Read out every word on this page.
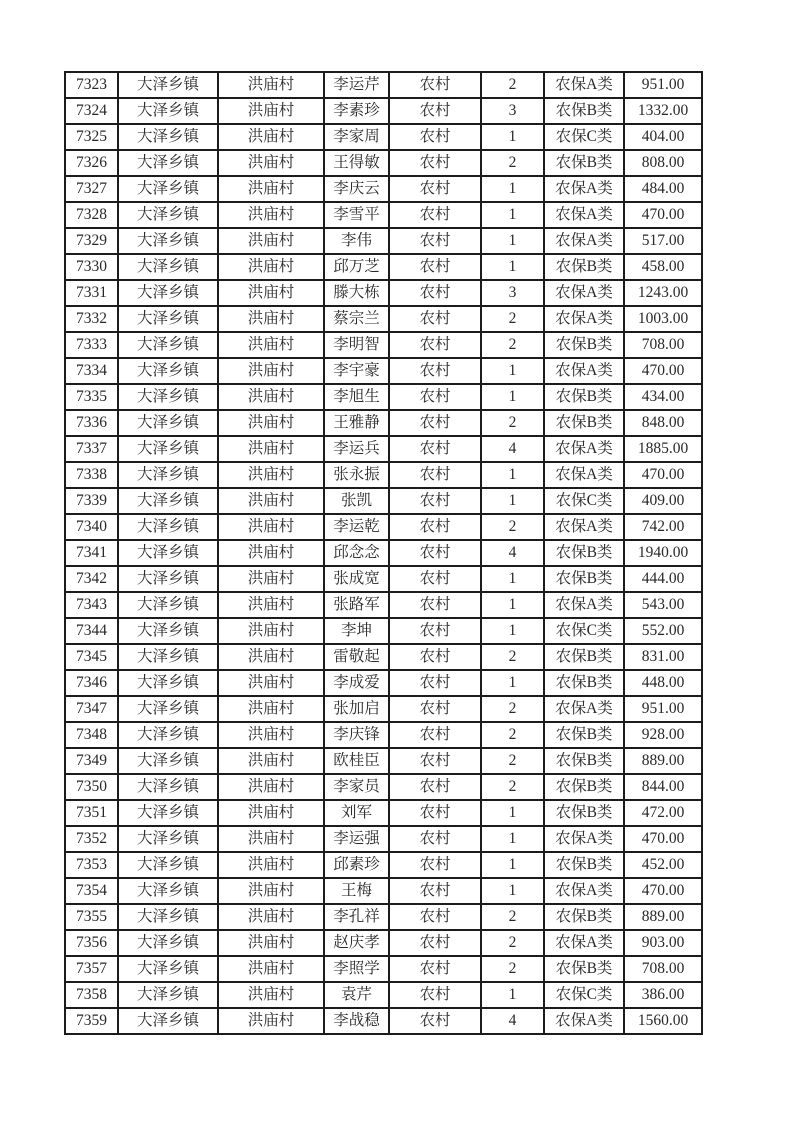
7323	大泽乡镇	洪庙村	李运芹	农村	2	农保A类	951.00
7324	大泽乡镇	洪庙村	李素珍	农村	3	农保B类	1332.00
7325	大泽乡镇	洪庙村	李家周	农村	1	农保C类	404.00
7326	大泽乡镇	洪庙村	王得敏	农村	2	农保B类	808.00
7327	大泽乡镇	洪庙村	李庆云	农村	1	农保A类	484.00
7328	大泽乡镇	洪庙村	李雪平	农村	1	农保A类	470.00
7329	大泽乡镇	洪庙村	李伟	农村	1	农保A类	517.00
7330	大泽乡镇	洪庙村	邱万芝	农村	1	农保B类	458.00
7331	大泽乡镇	洪庙村	滕大栋	农村	3	农保A类	1243.00
7332	大泽乡镇	洪庙村	蔡宗兰	农村	2	农保A类	1003.00
7333	大泽乡镇	洪庙村	李明智	农村	2	农保B类	708.00
7334	大泽乡镇	洪庙村	李宇豪	农村	1	农保A类	470.00
7335	大泽乡镇	洪庙村	李旭生	农村	1	农保B类	434.00
7336	大泽乡镇	洪庙村	王雅静	农村	2	农保B类	848.00
7337	大泽乡镇	洪庙村	李运兵	农村	4	农保A类	1885.00
7338	大泽乡镇	洪庙村	张永振	农村	1	农保A类	470.00
7339	大泽乡镇	洪庙村	张凯	农村	1	农保C类	409.00
7340	大泽乡镇	洪庙村	李运乾	农村	2	农保A类	742.00
7341	大泽乡镇	洪庙村	邱念念	农村	4	农保B类	1940.00
7342	大泽乡镇	洪庙村	张成宽	农村	1	农保B类	444.00
7343	大泽乡镇	洪庙村	张路军	农村	1	农保A类	543.00
7344	大泽乡镇	洪庙村	李坤	农村	1	农保C类	552.00
7345	大泽乡镇	洪庙村	雷敬起	农村	2	农保B类	831.00
7346	大泽乡镇	洪庙村	李成爱	农村	1	农保B类	448.00
7347	大泽乡镇	洪庙村	张加启	农村	2	农保A类	951.00
7348	大泽乡镇	洪庙村	李庆锋	农村	2	农保B类	928.00
7349	大泽乡镇	洪庙村	欧桂臣	农村	2	农保B类	889.00
7350	大泽乡镇	洪庙村	李家员	农村	2	农保B类	844.00
7351	大泽乡镇	洪庙村	刘军	农村	1	农保B类	472.00
7352	大泽乡镇	洪庙村	李运强	农村	1	农保A类	470.00
7353	大泽乡镇	洪庙村	邱素珍	农村	1	农保B类	452.00
7354	大泽乡镇	洪庙村	王梅	农村	1	农保A类	470.00
7355	大泽乡镇	洪庙村	李孔祥	农村	2	农保B类	889.00
7356	大泽乡镇	洪庙村	赵庆孝	农村	2	农保A类	903.00
7357	大泽乡镇	洪庙村	李照学	农村	2	农保B类	708.00
7358	大泽乡镇	洪庙村	袁芹	农村	1	农保C类	386.00
7359	大泽乡镇	洪庙村	李战稳	农村	4	农保A类	1560.00
